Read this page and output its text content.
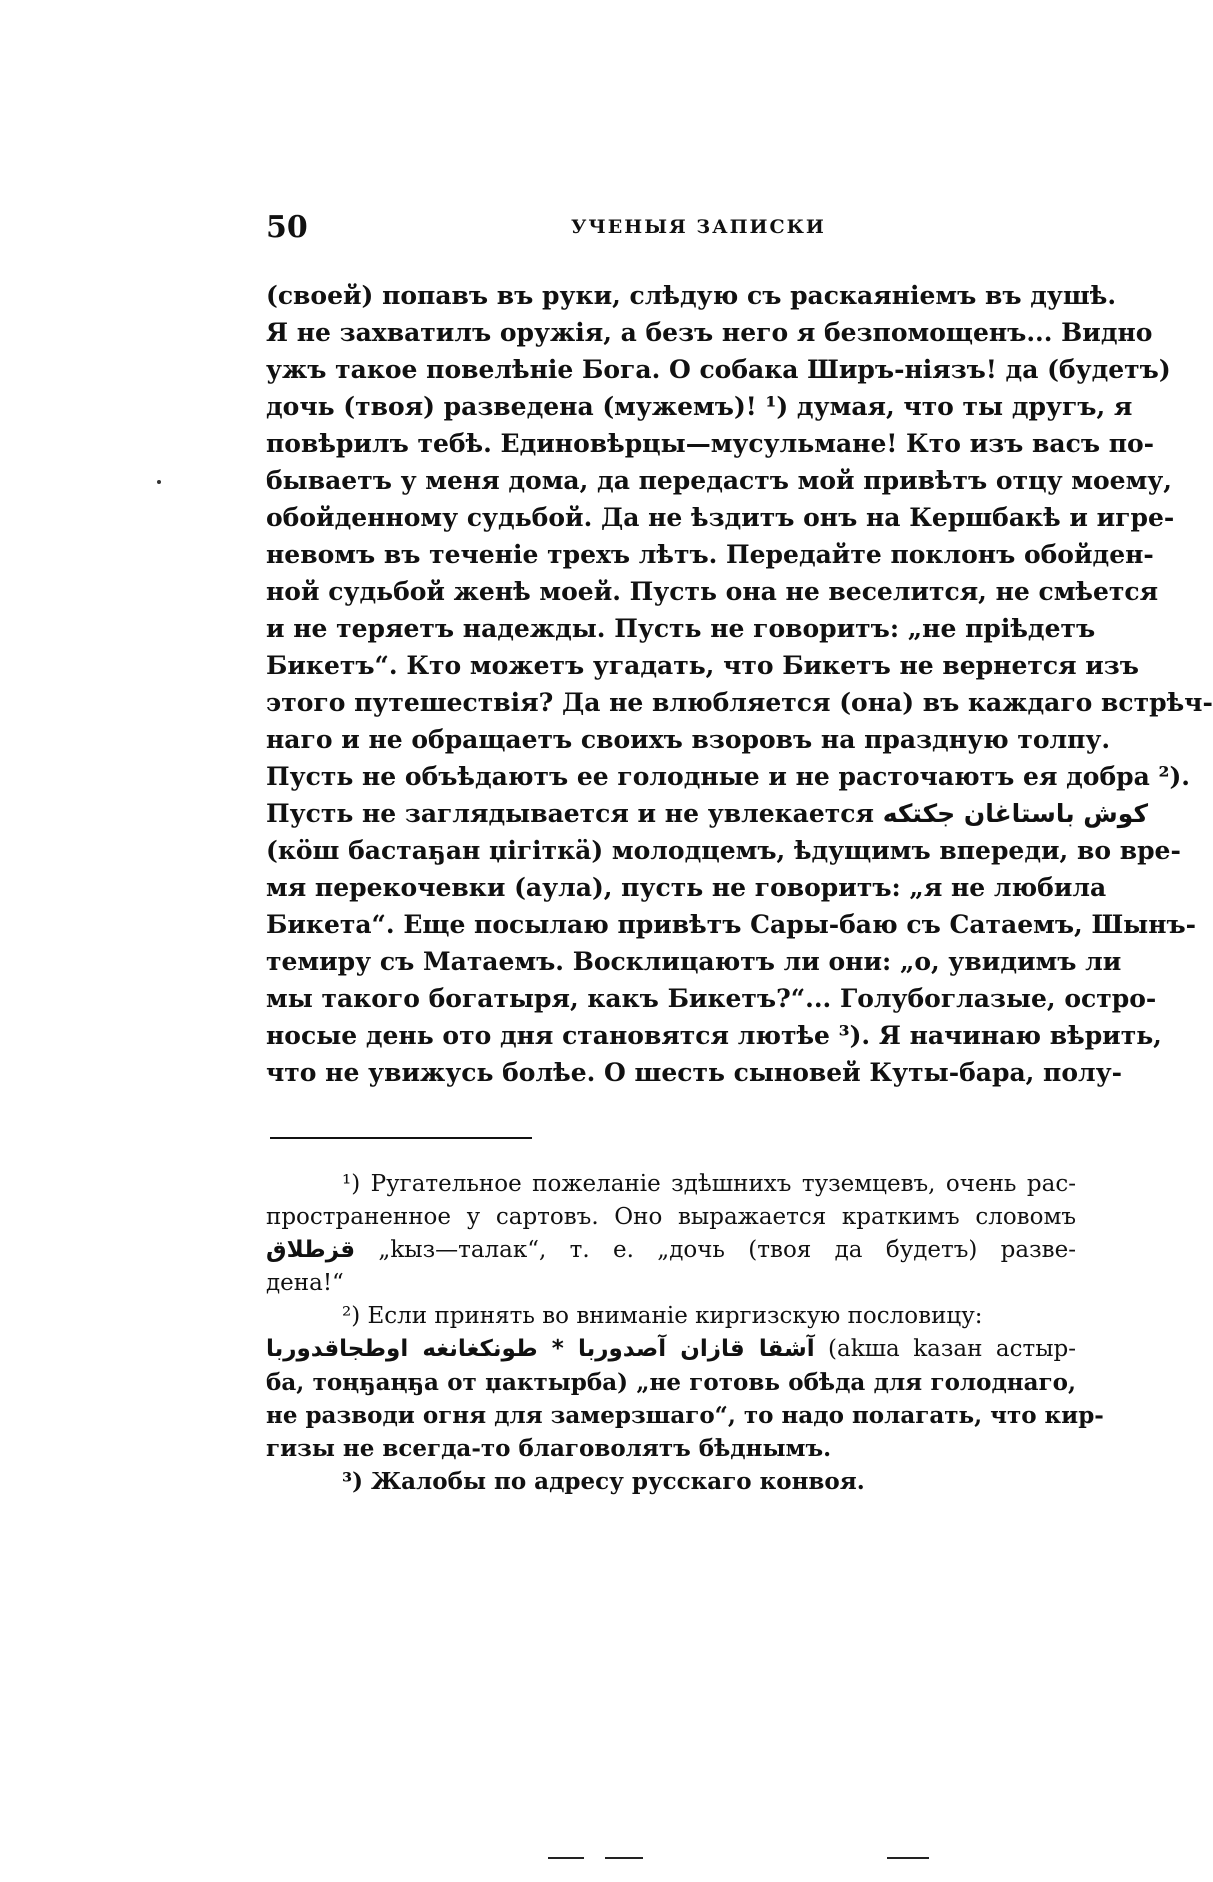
50	УЧЕНЫЯ ЗАПИСКИ
(своей) попавъ въ руки, слѣдую съ раскаяніемъ въ душѣ.
Я не захватилъ оружія, а безъ него я безпомощенъ... Видно
ужъ такое повелѣніе Бога. О собака Ширъ-ніязъ! да (будетъ)
дочь (твоя) разведена (мужемъ)! ¹) думая, что ты другъ, я
повѣрилъ тебѣ. Единовѣрцы—мусульмане! Кто изъ васъ по-
бываетъ у меня дома, да передастъ мой привѣтъ отцу моему,
обойденному судьбой. Да не ѣздитъ онъ на Кершбакѣ и игре-
невомъ въ теченіе трехъ лѣтъ. Передайте поклонъ обойден-
ной судьбой женѣ моей. Пусть она не веселится, не смѣется
и не теряетъ надежды. Пусть не говоритъ: „не пріѣдетъ
Бикетъ“. Кто можетъ угадать, что Бикетъ не вернется изъ
этого путешествія? Да не влюбляется (она) въ каждаго встрѣч-
наго и не обращаетъ своихъ взоровъ на праздную толпу.
Пусть не объѣдаютъ ее голодные и не расточаютъ ея добра ²).
Пусть не заглядывается и не увлекается كوش باستاغان جكتكه
(кӧш бастаҕан џігіткӓ) молодцемъ, ѣдущимъ впереди, во вре-
мя перекочевки (аула), пусть не говоритъ: „я не любила
Бикета“. Еще посылаю привѣтъ Сары-баю съ Сатаемъ, Шынъ-
темиру съ Матаемъ. Восклицаютъ ли они: „о, увидимъ ли
мы такого богатыря, какъ Бикетъ?“... Голубоглазые, остро-
носые день ото дня становятся лютѣе ³). Я начинаю вѣрить,
что не увижусь болѣе. О шесть сыновей Куты-бара, полу-
¹) Ругательное пожеланіе здѣшнихъ туземцевъ, очень рас-
пространенное у сартовъ. Оно выражается краткимъ словомъ
قزطلاق „kыз—талак“, т. е. „дочь (твоя да будетъ) разве-
дена!“
²) Если принять во вниманіе киргизскую пословицу:
آشقا قازان آصدوربا * طونكغانغه اوطجاقدوربا (akша kазан астыр-
ба, тоңҕаңҕа от џактырба) „не готовь обѣда для голоднаго,
не разводи огня для замерзшаго“, то надо полагать, что кир-
гизы не всегда-то благоволятъ бѣднымъ.
³) Жалобы по адресу русскаго конвоя.
